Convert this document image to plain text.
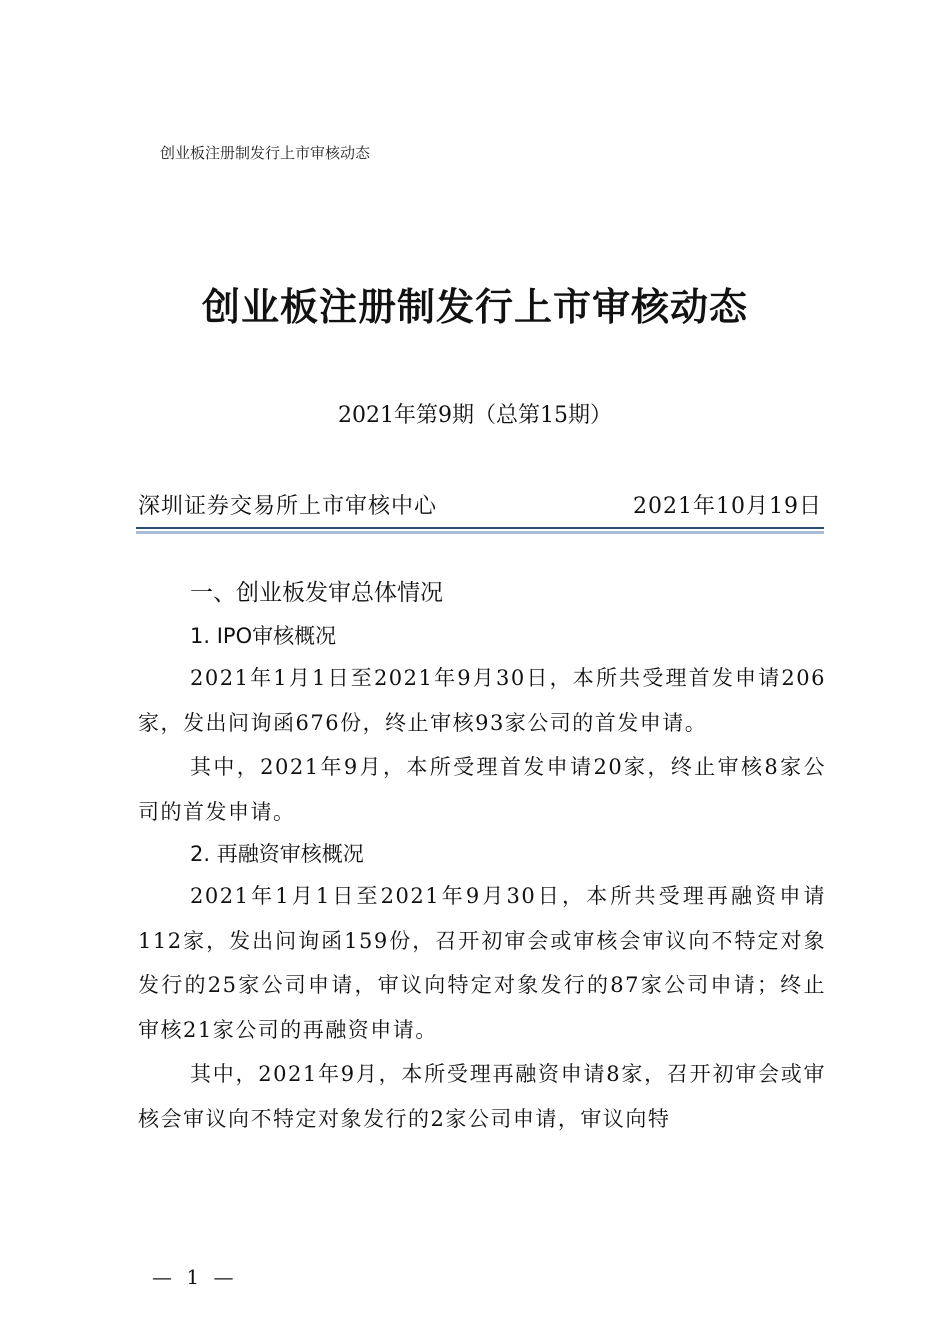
创业板注册制发行上市审核动态
创业板注册制发行上市审核动态
2021年第9期（总第15期）
深圳证券交易所上市审核中心	2021年10月19日
一、创业板发审总体情况
1. IPO审核概况

2021年1月1日至2021年9月30日，本所共受理首发申请206家，发出问询函676份，终止审核93家公司的首发申请。

其中，2021年9月，本所受理首发申请20家，终止审核8家公司的首发申请。

2. 再融资审核概况

2021年1月1日至2021年9月30日，本所共受理再融资申请112家，发出问询函159份，召开初审会或审核会审议向不特定对象发行的25家公司申请，审议向特定对象发行的87家公司申请；终止审核21家公司的再融资申请。

其中，2021年9月，本所受理再融资申请8家，召开初审会或审核会审议向不特定对象发行的2家公司申请，审议向特

— 1 —
